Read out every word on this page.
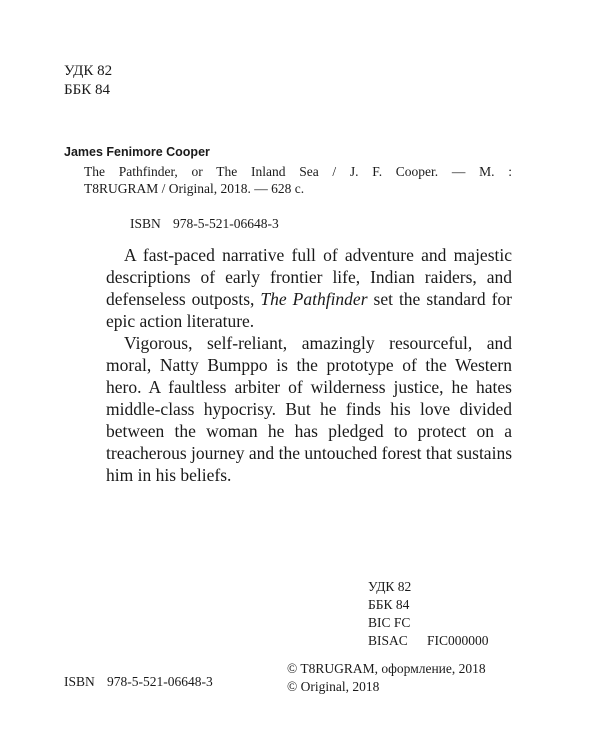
УДК 82
ББК 84
James Fenimore Cooper
The Pathfinder, or The Inland Sea / J. F. Cooper. — M. :
T8RUGRAM / Original, 2018. — 628 с.
ISBN 978-5-521-06648-3

A fast-paced narrative full of adventure and majestic descriptions of early frontier life, Indian raiders, and defenseless outposts, The Pathfinder set the standard for epic action literature.

Vigorous, self-reliant, amazingly resourceful, and moral, Natty Bumppo is the prototype of the Western hero. A faultless arbiter of wilderness justice, he hates middle-class hypocrisy. But he finds his love divided between the woman he has pledged to protect on a treacherous journey and the untouched forest that sustains him in his beliefs.

УДК 82
ББК 84
BIC FC
BISAC FIC000000
ISBN 978-5-521-06648-3
© T8RUGRAM, оформление, 2018
© Original, 2018
